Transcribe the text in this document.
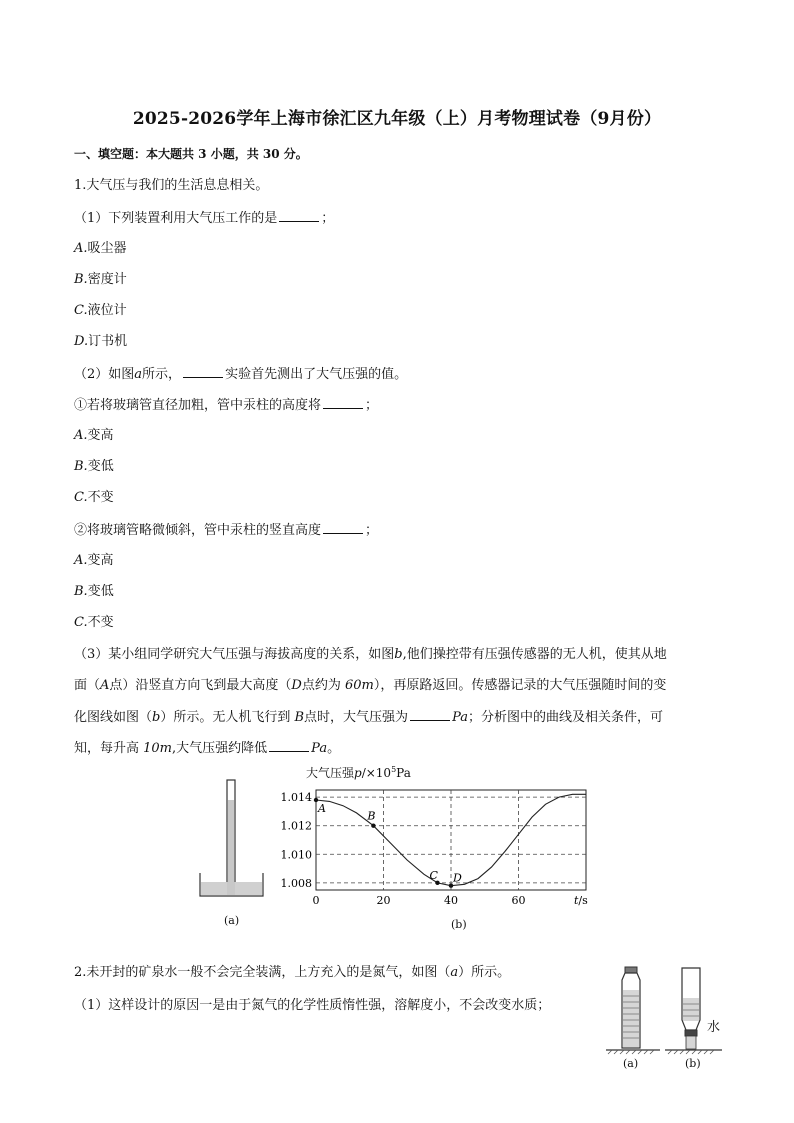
2025-2026学年上海市徐汇区九年级（上）月考物理试卷（9月份）
一、填空题：本大题共 3 小题，共 30 分。
1.大气压与我们的生活息息相关。
（1）下列装置利用大气压工作的是	；
A.吸尘器
B.密度计
C.液位计
D.订书机
（2）如图a所示，	实验首先测出了大气压强的值。
①若将玻璃管直径加粗，管中汞柱的高度将	；
A.变高
B.变低
C.不变
②将玻璃管略微倾斜，管中汞柱的竖直高度	；
A.变高
B.变低
C.不变
（3）某小组同学研究大气压强与海拔高度的关系，如图b,他们操控带有压强传感器的无人机，使其从地
面（A点）沿竖直方向飞到最大高度（D点约为 60m），再原路返回。传感器记录的大气压强随时间的变
化图线如图（b）所示。无人机飞行到 B点时，大气压强为	Pa；分析图中的曲线及相关条件，可
知，每升高 10m,大气压强约降低	Pa。
(a)
大气压强$p/\times 10^5Pa$
1.014
1.012
1.010
1.008
0	20	40	60	t/s
A
B
C D
(b)
2.未开封的矿泉水一般不会完全装满，上方充入的是氮气，如图（a）所示。
（1）这样设计的原因一是由于氮气的化学性质惰性强，溶解度小，不会改变水质；
水
(a)	(b)
